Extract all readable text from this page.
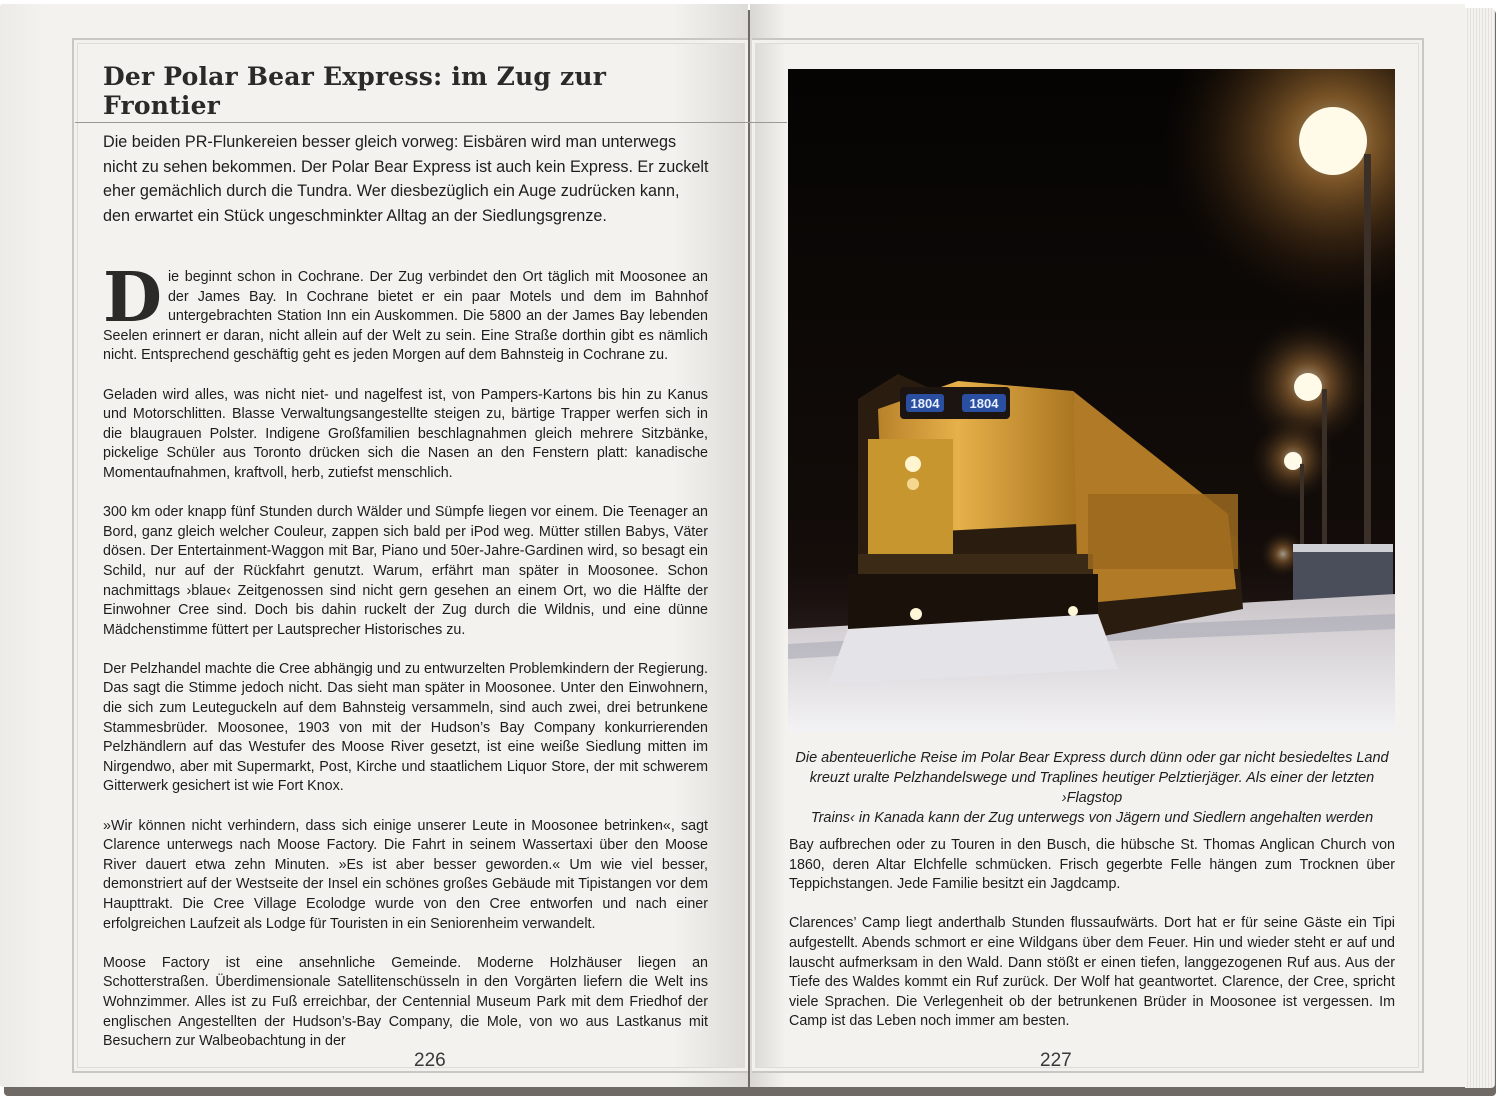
Der Polar Bear Express: im Zug zur Frontier
Die beiden PR-Flunkereien besser gleich vorweg: Eisbären wird man unterwegs nicht zu sehen bekommen. Der Polar Bear Express ist auch kein Express. Er zuckelt eher gemächlich durch die Tundra. Wer diesbezüglich ein Auge zudrücken kann, den erwartet ein Stück ungeschminkter Alltag an der Siedlungsgrenze.

Die beginnt schon in Cochrane. Der Zug verbindet den Ort täglich mit Moosonee an der James Bay. In Cochrane bietet er ein paar Motels und dem im Bahnhof untergebrachten Station Inn ein Auskommen. Die 5800 an der James Bay lebenden Seelen erinnert er daran, nicht allein auf der Welt zu sein. Eine Straße dorthin gibt es nämlich nicht. Entsprechend geschäftig geht es jeden Morgen auf dem Bahnsteig in Cochrane zu.

Geladen wird alles, was nicht niet- und nagelfest ist, von Pampers-Kartons bis hin zu Kanus und Motorschlitten. Blasse Verwaltungsangestellte steigen zu, bärtige Trapper werfen sich in die blaugrauen Polster. Indigene Großfamilien beschlagnahmen gleich mehrere Sitzbänke, pickelige Schüler aus Toronto drücken sich die Nasen an den Fenstern platt: kanadische Momentaufnahmen, kraftvoll, herb, zutiefst menschlich.

300 km oder knapp fünf Stunden durch Wälder und Sümpfe liegen vor einem. Die Teenager an Bord, ganz gleich welcher Couleur, zappen sich bald per iPod weg. Mütter stillen Babys, Väter dösen. Der Entertainment-Waggon mit Bar, Piano und 50er-Jahre-Gardinen wird, so besagt ein Schild, nur auf der Rückfahrt genutzt. Warum, erfährt man später in Moosonee. Schon nachmittags ›blaue‹ Zeitgenossen sind nicht gern gesehen an einem Ort, wo die Hälfte der Einwohner Cree sind. Doch bis dahin ruckelt der Zug durch die Wildnis, und eine dünne Mädchenstimme füttert per Lautsprecher Historisches zu.

Der Pelzhandel machte die Cree abhängig und zu entwurzelten Problemkindern der Regierung. Das sagt die Stimme jedoch nicht. Das sieht man später in Moosonee. Unter den Einwohnern, die sich zum Leuteguckeln auf dem Bahnsteig versammeln, sind auch zwei, drei betrunkene Stammesbrüder. Moosonee, 1903 von mit der Hudson’s Bay Company konkurrierenden Pelzhändlern auf das Westufer des Moose River gesetzt, ist eine weiße Siedlung mitten im Nirgendwo, aber mit Supermarkt, Post, Kirche und staatlichem Liquor Store, der mit schwerem Gitterwerk gesichert ist wie Fort Knox.

»Wir können nicht verhindern, dass sich einige unserer Leute in Moosonee betrinken«, sagt Clarence unterwegs nach Moose Factory. Die Fahrt in seinem Wassertaxi über den Moose River dauert etwa zehn Minuten. »Es ist aber besser geworden.« Um wie viel besser, demonstriert auf der Westseite der Insel ein schönes großes Gebäude mit Tipistangen vor dem Haupttrakt. Die Cree Village Ecolodge wurde von den Cree entworfen und nach einer erfolgreichen Laufzeit als Lodge für Touristen in ein Seniorenheim verwandelt.

Moose Factory ist eine ansehnliche Gemeinde. Moderne Holzhäuser liegen an Schotterstraßen. Überdimensionale Satellitenschüsseln in den Vorgärten liefern die Welt ins Wohnzimmer. Alles ist zu Fuß erreichbar, der Centennial Museum Park mit dem Friedhof der englischen Angestellten der Hudson’s-Bay Company, die Mole, von wo aus Lastkanus mit Besuchern zur Walbeobachtung in der

226
1804 1804
Die abenteuerliche Reise im Polar Bear Express durch dünn oder gar nicht besiedeltes Land
kreuzt uralte Pelzhandelswege und Traplines heutiger Pelztierjäger. Als einer der letzten ›Flagstop
Trains‹ in Kanada kann der Zug unterwegs von Jägern und Siedlern angehalten werden

Bay aufbrechen oder zu Touren in den Busch, die hübsche St. Thomas Anglican Church von 1860, deren Altar Elchfelle schmücken. Frisch gegerbte Felle hängen zum Trocknen über Teppichstangen. Jede Familie besitzt ein Jagdcamp.

Clarences’ Camp liegt anderthalb Stunden flussaufwärts. Dort hat er für seine Gäste ein Tipi aufgestellt. Abends schmort er eine Wildgans über dem Feuer. Hin und wieder steht er auf und lauscht aufmerksam in den Wald. Dann stößt er einen tiefen, langgezogenen Ruf aus. Aus der Tiefe des Waldes kommt ein Ruf zurück. Der Wolf hat geantwortet. Clarence, der Cree, spricht viele Sprachen. Die Verlegenheit ob der betrunkenen Brüder in Moosonee ist vergessen. Im Camp ist das Leben noch immer am besten.

227
